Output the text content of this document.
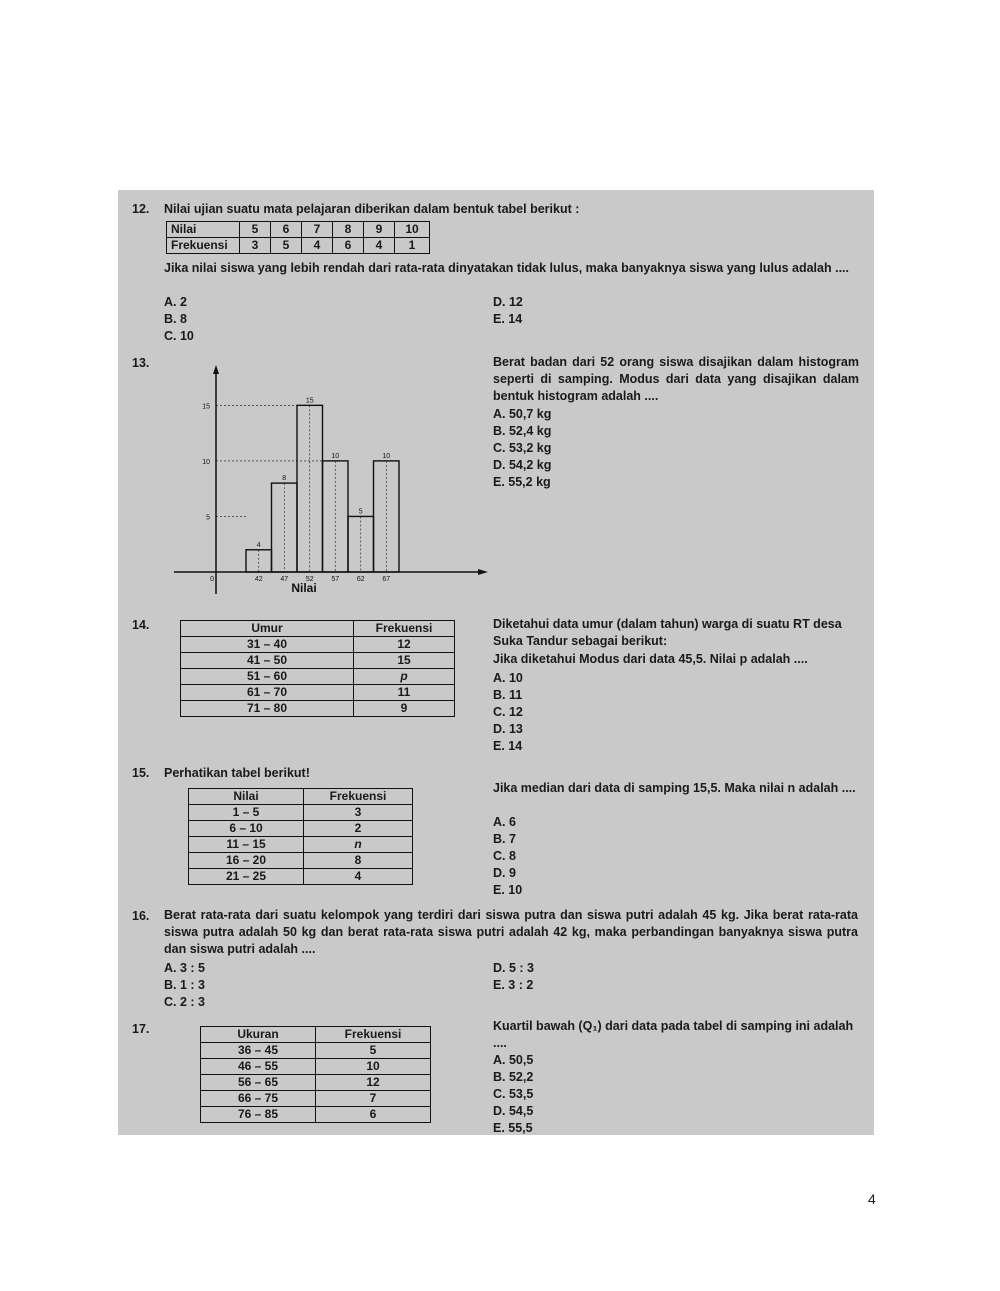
12. Nilai ujian suatu mata pelajaran diberikan dalam bentuk tabel berikut :
Nilai	5	6	7	8	9	10
Frekuensi	3	5	4	6	4	1
Jika nilai siswa yang lebih rendah dari rata-rata dinyatakan tidak lulus, maka banyaknya siswa yang lulus adalah ....
A. 2
B. 8
C. 10
D. 12
E. 14
13.
0
5
10
15
4
8
15
10
5
10
42	47	52	57	62	67
Nilai
Berat badan dari 52 orang siswa disajikan dalam histogram seperti di samping. Modus dari data yang disajikan dalam bentuk histogram adalah ....
A. 50,7 kg
B. 52,4 kg
C. 53,2 kg
D. 54,2 kg
E. 55,2 kg
14.	Umur	Frekuensi
31 – 40	12
41 – 50	15
51 – 60	p
61 – 70	11
71 – 80	9
Diketahui data umur (dalam tahun) warga di suatu RT desa Suka Tandur sebagai berikut:
Jika diketahui Modus dari data 45,5. Nilai p adalah ....
A. 10
B. 11
C. 12
D. 13
E. 14
15. Perhatikan tabel berikut!
Nilai	Frekuensi
1 – 5	3
6 – 10	2
11 – 15	n
16 – 20	8
21 – 25	4
Jika median dari data di samping 15,5. Maka nilai n adalah ....
A. 6
B. 7
C. 8
D. 9
E. 10
16. Berat rata-rata dari suatu kelompok yang terdiri dari siswa putra dan siswa putri adalah 45 kg. Jika berat rata-rata siswa putra adalah 50 kg dan berat rata-rata siswa putri adalah 42 kg, maka perbandingan banyaknya siswa putra dan siswa putri adalah ....
A. 3 : 5
B. 1 : 3
C. 2 : 3
D. 5 : 3
E. 3 : 2
17.	Ukuran	Frekuensi
36 – 45	5
46 – 55	10
56 – 65	12
66 – 75	7
76 – 85	6
Kuartil bawah (Q₁) dari data pada tabel di samping ini adalah ....
A. 50,5
B. 52,2
C. 53,5
D. 54,5
E. 55,5
4
